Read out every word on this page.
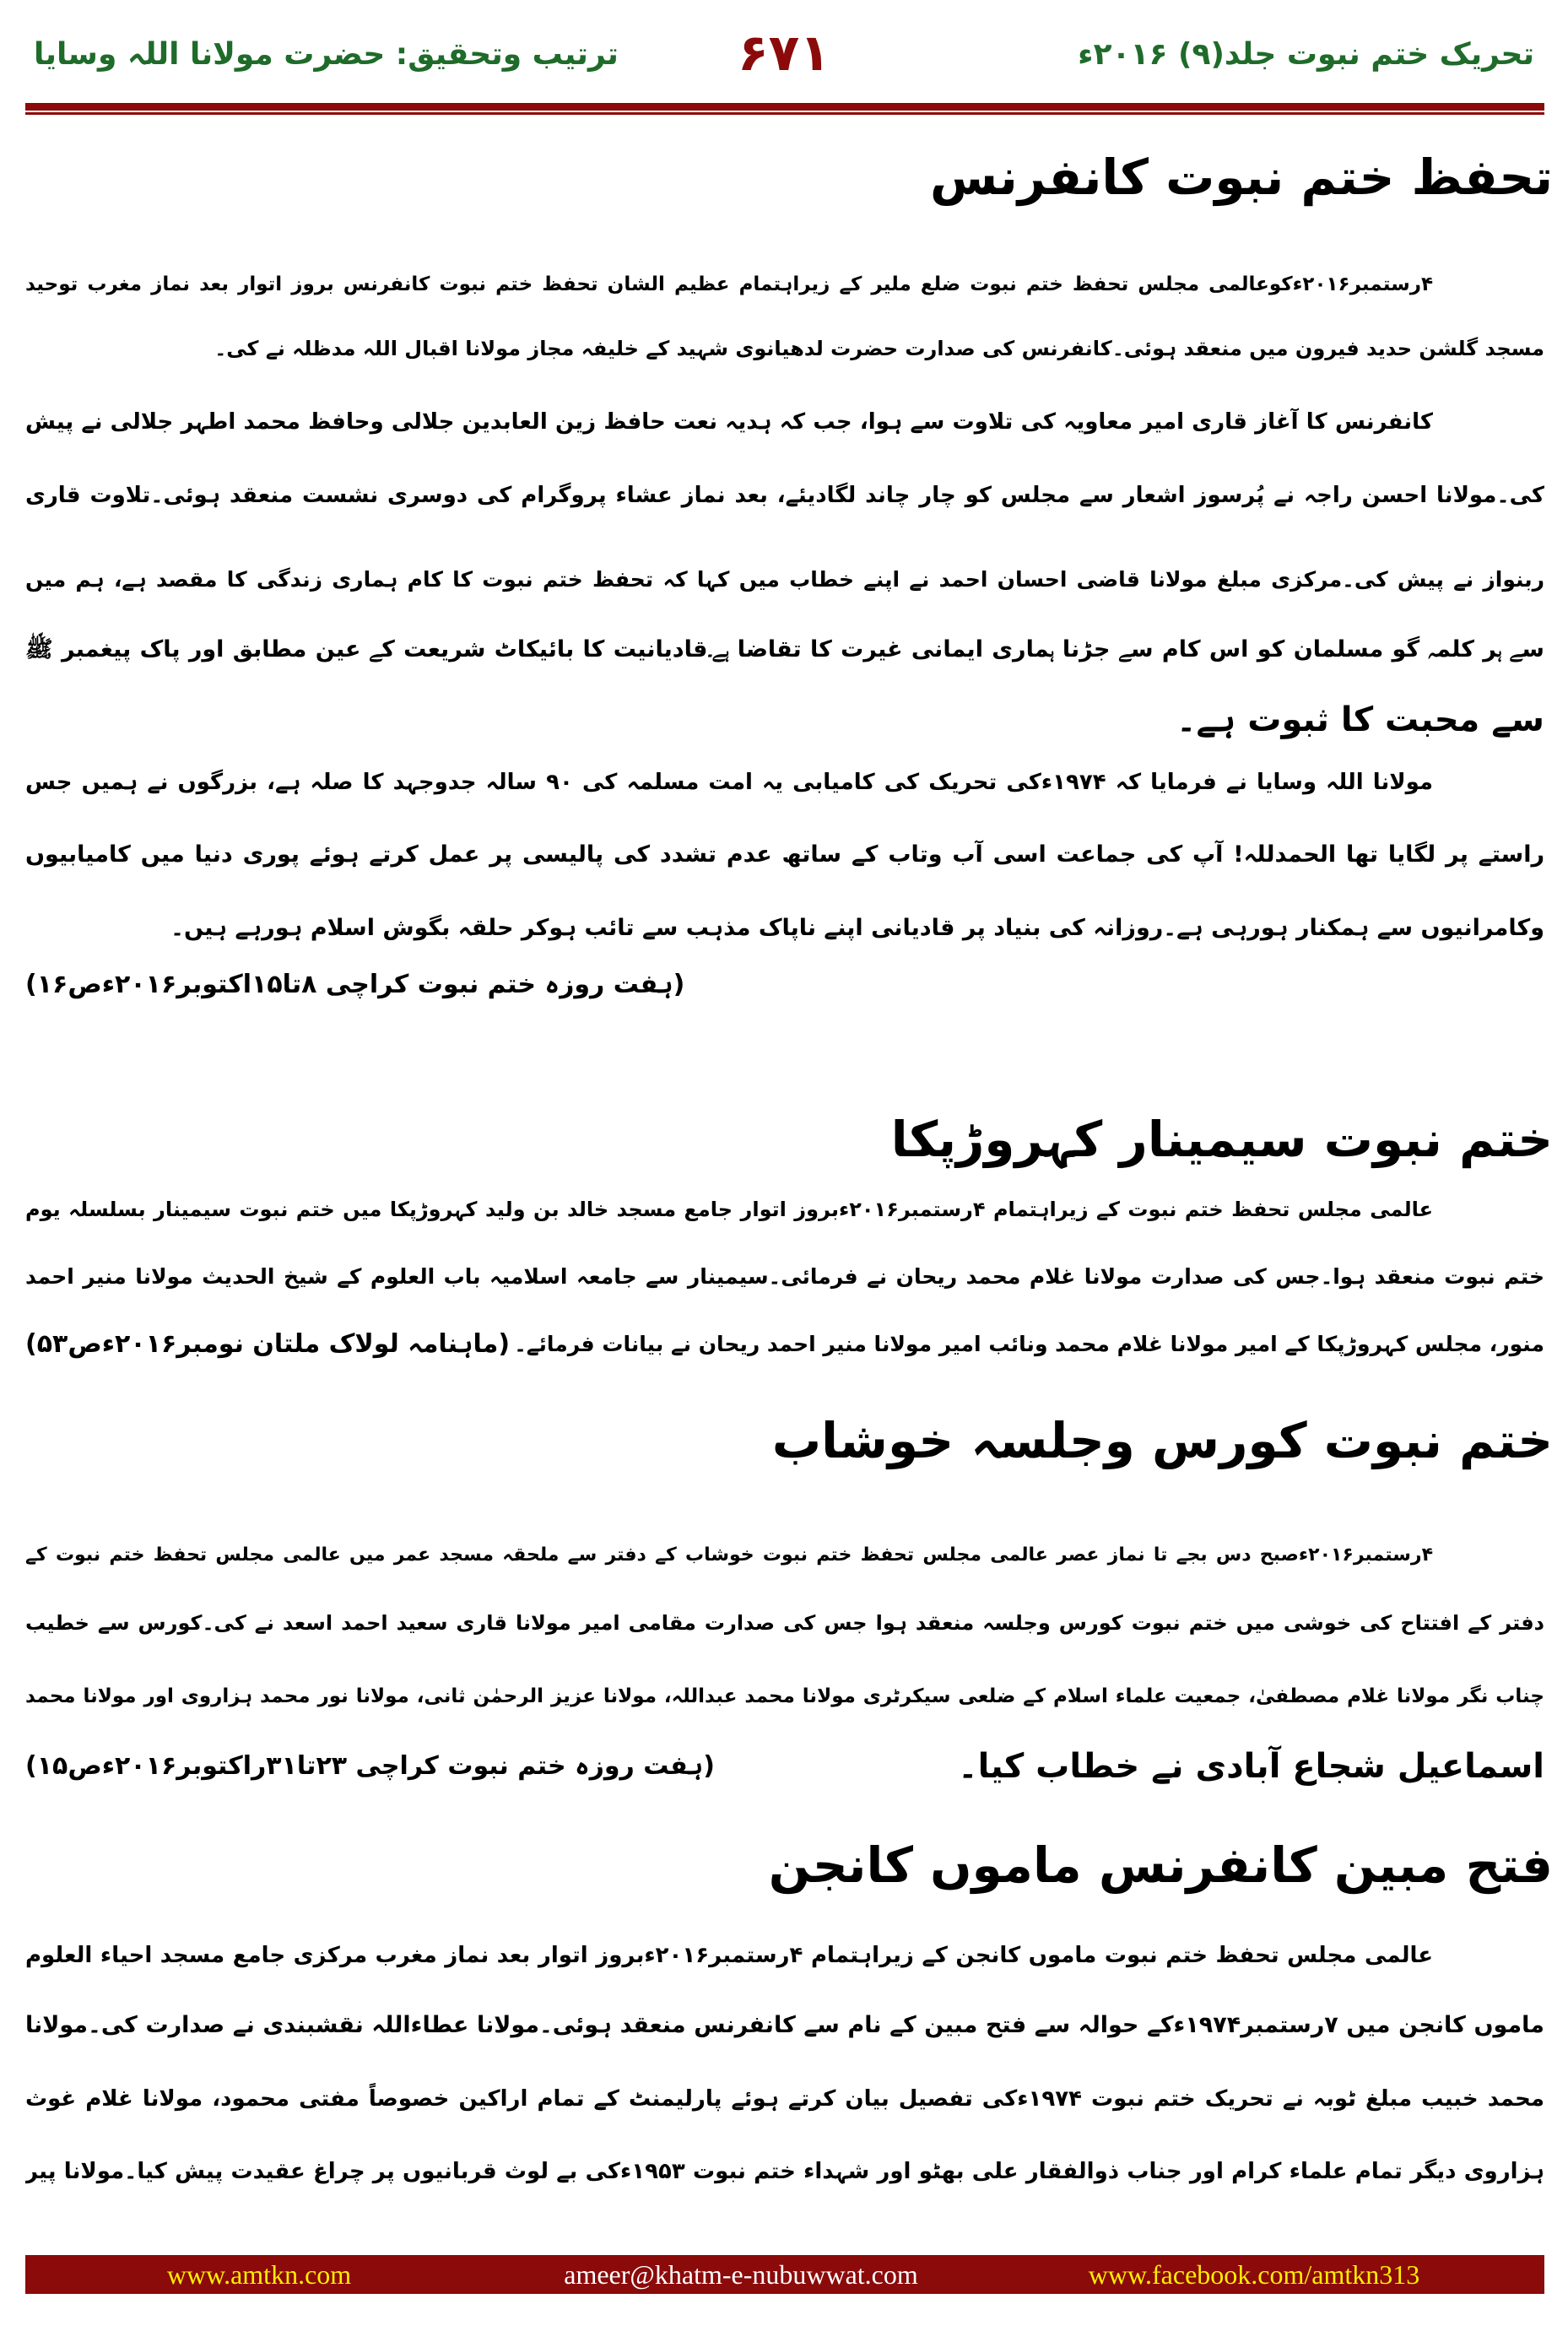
تحریک ختم نبوت جلد(۹) ۲۰۱۶ء
۶۷۱
ترتیب وتحقیق: حضرت مولانا اللہ وسایا
تحفظ ختم نبوت کانفرنس
۴رستمبر۲۰۱۶ءکوعالمی مجلس تحفظ ختم نبوت ضلع ملیر کے زیراہتمام عظیم الشان تحفظ ختم نبوت کانفرنس بروز اتوار بعد نماز مغرب توحید
مسجد گلشن حدید فیرون میں منعقد ہوئی۔کانفرنس کی صدارت حضرت لدھیانوی شہید کے خلیفہ مجاز مولانا اقبال اللہ مدظلہ نے کی۔
کانفرنس کا آغاز قاری امیر معاویہ کی تلاوت سے ہوا، جب کہ ہدیہ نعت حافظ زین العابدین جلالی وحافظ محمد اطہر جلالی نے پیش
کی۔مولانا احسن راجہ نے پُرسوز اشعار سے مجلس کو چار چاند لگادیئے، بعد نماز عشاء پروگرام کی دوسری نشست منعقد ہوئی۔تلاوت قاری
ربنواز نے پیش کی۔مرکزی مبلغ مولانا قاضی احسان احمد نے اپنے خطاب میں کہا کہ تحفظ ختم نبوت کا کام ہماری زندگی کا مقصد ہے، ہم میں
سے ہر کلمہ گو مسلمان کو اس کام سے جڑنا ہماری ایمانی غیرت کا تقاضا ہے۔قادیانیت کا بائیکاٹ شریعت کے عین مطابق اور پاک پیغمبر ﷺ
سے محبت کا ثبوت ہے۔
مولانا اللہ وسایا نے فرمایا کہ ۱۹۷۴ءکی تحریک کی کامیابی یہ امت مسلمہ کی ۹۰ سالہ جدوجہد کا صلہ ہے، بزرگوں نے ہمیں جس
راستے پر لگایا تھا الحمدللہ! آپ کی جماعت اسی آب وتاب کے ساتھ عدم تشدد کی پالیسی پر عمل کرتے ہوئے پوری دنیا میں کامیابیوں
وکامرانیوں سے ہمکنار ہورہی ہے۔روزانہ کی بنیاد پر قادیانی اپنے ناپاک مذہب سے تائب ہوکر حلقہ بگوش اسلام ہورہے ہیں۔
(ہفت روزہ ختم نبوت کراچی ۸تا۱۵اکتوبر۲۰۱۶ءص۱۶)
ختم نبوت سیمینار کہروڑپکا
عالمی مجلس تحفظ ختم نبوت کے زیراہتمام ۴رستمبر۲۰۱۶ءبروز اتوار جامع مسجد خالد بن ولید کہروڑپکا میں ختم نبوت سیمینار بسلسلہ یوم
ختم نبوت منعقد ہوا۔جس کی صدارت مولانا غلام محمد ریحان نے فرمائی۔سیمینار سے جامعہ اسلامیہ باب العلوم کے شیخ الحدیث مولانا منیر احمد
منور، مجلس کہروڑپکا کے امیر مولانا غلام محمد ونائب امیر مولانا منیر احمد ریحان نے بیانات فرمائے۔
(ماہنامہ لولاک ملتان نومبر۲۰۱۶ءص۵۳)
ختم نبوت کورس وجلسہ خوشاب
۴رستمبر۲۰۱۶ءصبح دس بجے تا نماز عصر عالمی مجلس تحفظ ختم نبوت خوشاب کے دفتر سے ملحقہ مسجد عمر میں عالمی مجلس تحفظ ختم نبوت کے
دفتر کے افتتاح کی خوشی میں ختم نبوت کورس وجلسہ منعقد ہوا جس کی صدارت مقامی امیر مولانا قاری سعید احمد اسعد نے کی۔کورس سے خطیب
چناب نگر مولانا غلام مصطفیٰ، جمعیت علماء اسلام کے ضلعی سیکرٹری مولانا محمد عبداللہ، مولانا عزیز الرحمٰن ثانی، مولانا نور محمد ہزاروی اور مولانا محمد
اسماعیل شجاع آبادی نے خطاب کیا۔
(ہفت روزہ ختم نبوت کراچی ۲۳تا۳۱راکتوبر۲۰۱۶ءص۱۵)
فتح مبین کانفرنس ماموں کانجن
عالمی مجلس تحفظ ختم نبوت ماموں کانجن کے زیراہتمام ۴رستمبر۲۰۱۶ءبروز اتوار بعد نماز مغرب مرکزی جامع مسجد احیاء العلوم
ماموں کانجن میں ۷رستمبر۱۹۷۴ءکے حوالہ سے فتح مبین کے نام سے کانفرنس منعقد ہوئی۔مولانا عطاءاللہ نقشبندی نے صدارت کی۔مولانا
محمد خبیب مبلغ ٹوبہ نے تحریک ختم نبوت ۱۹۷۴ءکی تفصیل بیان کرتے ہوئے پارلیمنٹ کے تمام اراکین خصوصاً مفتی محمود، مولانا غلام غوث
ہزاروی دیگر تمام علماء کرام اور جناب ذوالفقار علی بھٹو اور شہداء ختم نبوت ۱۹۵۳ءکی بے لوث قربانیوں پر چراغ عقیدت پیش کیا۔مولانا پیر
www.amtkn.com	ameer@khatm-e-nubuwwat.com	www.facebook.com/amtkn313
